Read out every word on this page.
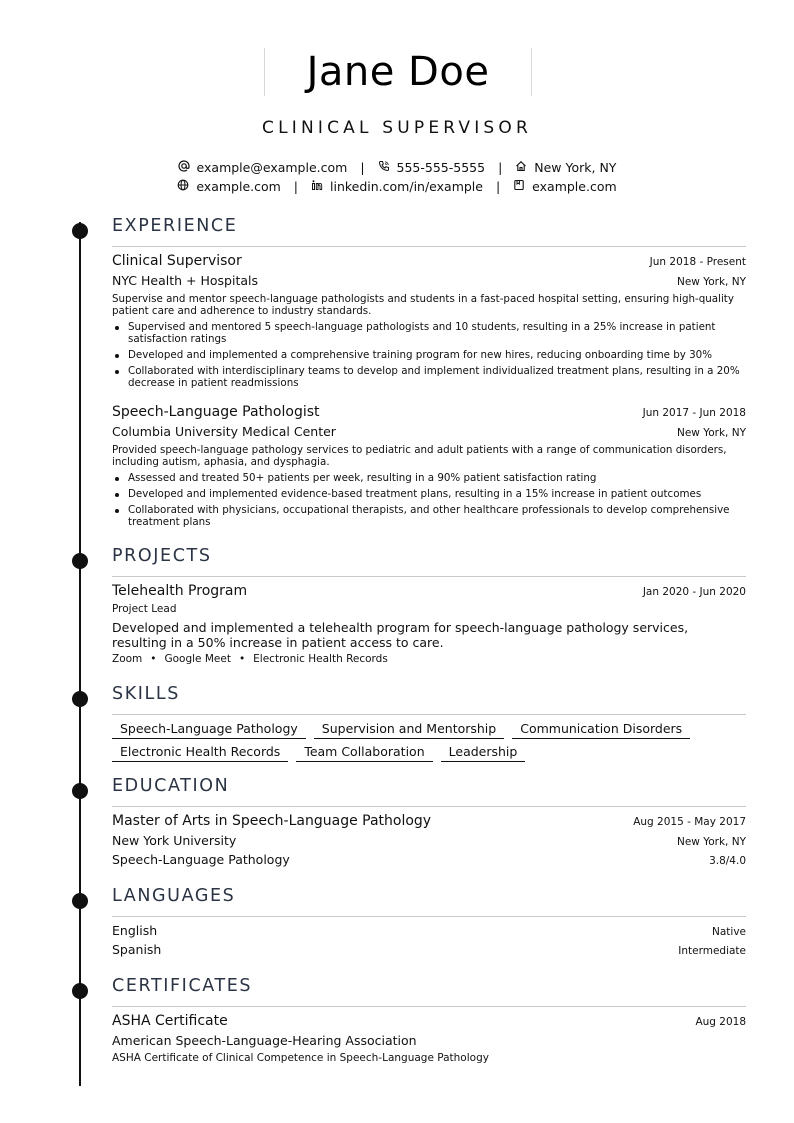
Jane Doe
CLINICAL SUPERVISOR
example@example.com |	555-555-5555 |	New York, NY
example.com |	linkedin.com/in/example |	example.com
EXPERIENCE
Clinical Supervisor	Jun 2018 - Present
NYC Health + Hospitals	New York, NY
Supervise and mentor speech-language pathologists and students in a fast-paced hospital setting, ensuring high-quality patient care and adherence to industry standards.
Supervised and mentored 5 speech-language pathologists and 10 students, resulting in a 25% increase in patient satisfaction ratings
Developed and implemented a comprehensive training program for new hires, reducing onboarding time by 30%
Collaborated with interdisciplinary teams to develop and implement individualized treatment plans, resulting in a 20% decrease in patient readmissions
Speech-Language Pathologist	Jun 2017 - Jun 2018
Columbia University Medical Center	New York, NY
Provided speech-language pathology services to pediatric and adult patients with a range of communication disorders, including autism, aphasia, and dysphagia.
Assessed and treated 50+ patients per week, resulting in a 90% patient satisfaction rating
Developed and implemented evidence-based treatment plans, resulting in a 15% increase in patient outcomes
Collaborated with physicians, occupational therapists, and other healthcare professionals to develop comprehensive treatment plans
PROJECTS
Telehealth Program	Jan 2020 - Jun 2020
Project Lead
Developed and implemented a telehealth program for speech-language pathology services, resulting in a 50% increase in patient access to care.
Zoom • Google Meet • Electronic Health Records
SKILLS
Speech-Language Pathology	Supervision and Mentorship	Communication Disorders
Electronic Health Records	Team Collaboration	Leadership
EDUCATION
Master of Arts in Speech-Language Pathology	Aug 2015 - May 2017
New York University	New York, NY
Speech-Language Pathology	3.8/4.0
LANGUAGES
English	Native
Spanish	Intermediate
CERTIFICATES
ASHA Certificate	Aug 2018
American Speech-Language-Hearing Association
ASHA Certificate of Clinical Competence in Speech-Language Pathology
